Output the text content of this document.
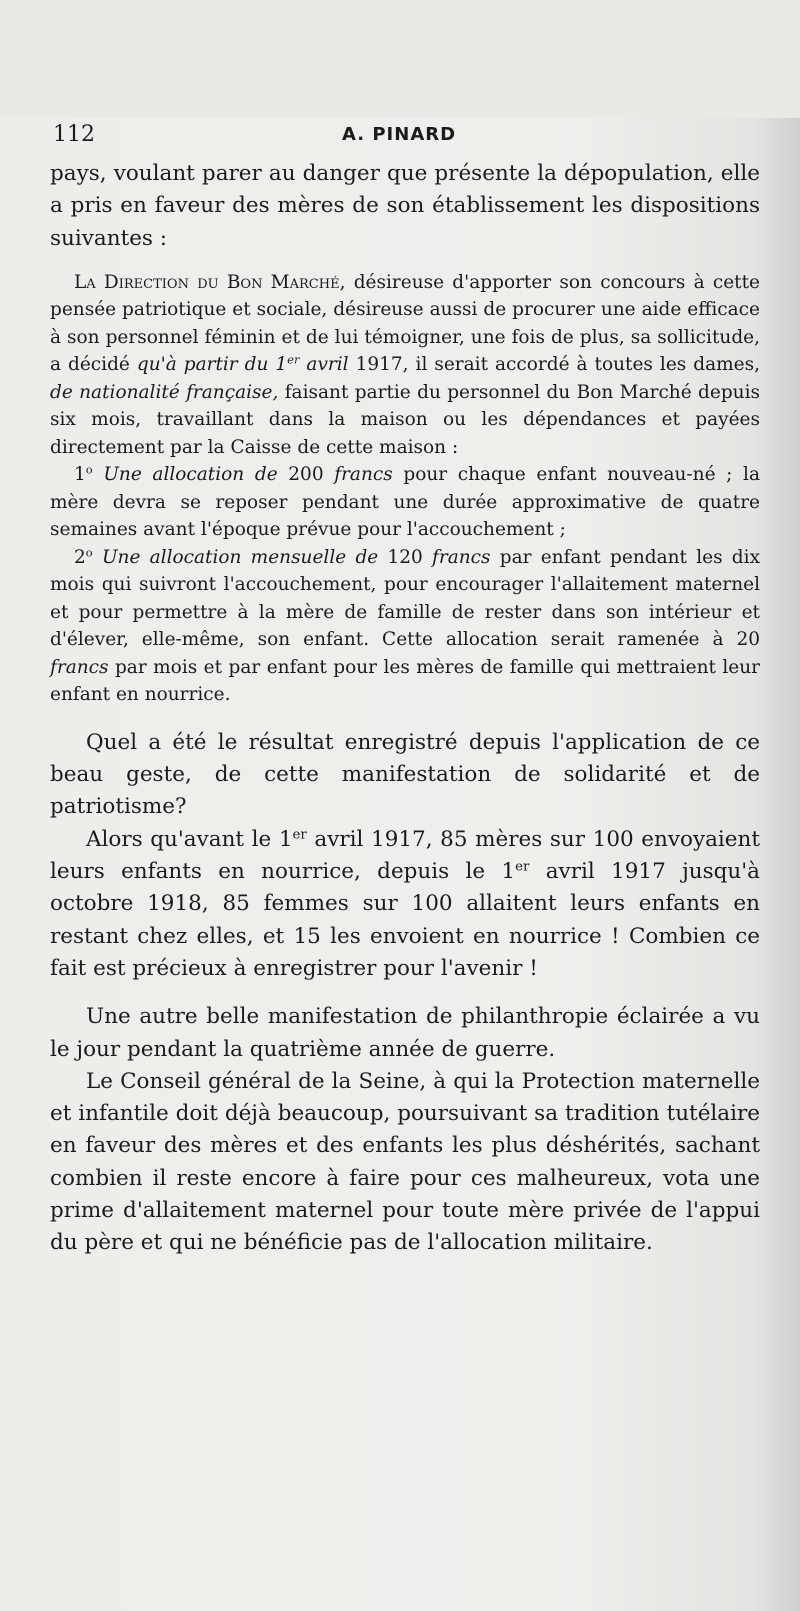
112	A. PINARD

pays, voulant parer au danger que présente la dépopulation, elle a pris en faveur des mères de son établissement les dispositions suivantes :

La Direction du Bon Marché, désireuse d'apporter son concours à cette pensée patriotique et sociale, désireuse aussi de procurer une aide efficace à son personnel féminin et de lui témoigner, une fois de plus, sa sollicitude, a décidé qu'à partir du 1er avril 1917, il serait accordé à toutes les dames, de nationalité française, faisant partie du personnel du Bon Marché depuis six mois, travaillant dans la maison ou les dépendances et payées directement par la Caisse de cette maison :

1$^o$ Une allocation de 200 francs pour chaque enfant nouveau-né ; la mère devra se reposer pendant une durée approximative de quatre semaines avant l'époque prévue pour l'accouchement ;

2$^o$ Une allocation mensuelle de 120 francs par enfant pendant les dix mois qui suivront l'accouchement, pour encourager l'allaitement maternel et pour permettre à la mère de famille de rester dans son intérieur et d'élever, elle-même, son enfant. Cette allocation serait ramenée à 20 francs par mois et par enfant pour les mères de famille qui mettraient leur enfant en nourrice.

Quel a été le résultat enregistré depuis l'application de ce beau geste, de cette manifestation de solidarité et de patriotisme?

Alors qu'avant le 1er avril 1917, 85 mères sur 100 envoyaient leurs enfants en nourrice, depuis le 1er avril 1917 jusqu'à octobre 1918, 85 femmes sur 100 allaitent leurs enfants en restant chez elles, et 15 les envoient en nourrice ! Combien ce fait est précieux à enregistrer pour l'avenir !

Une autre belle manifestation de philanthropie éclairée a vu le jour pendant la quatrième année de guerre.

Le Conseil général de la Seine, à qui la Protection maternelle et infantile doit déjà beaucoup, poursuivant sa tradition tutélaire en faveur des mères et des enfants les plus déshérités, sachant combien il reste encore à faire pour ces malheureux, vota une prime d'allaitement maternel pour toute mère privée de l'appui du père et qui ne bénéficie pas de l'allocation militaire.
